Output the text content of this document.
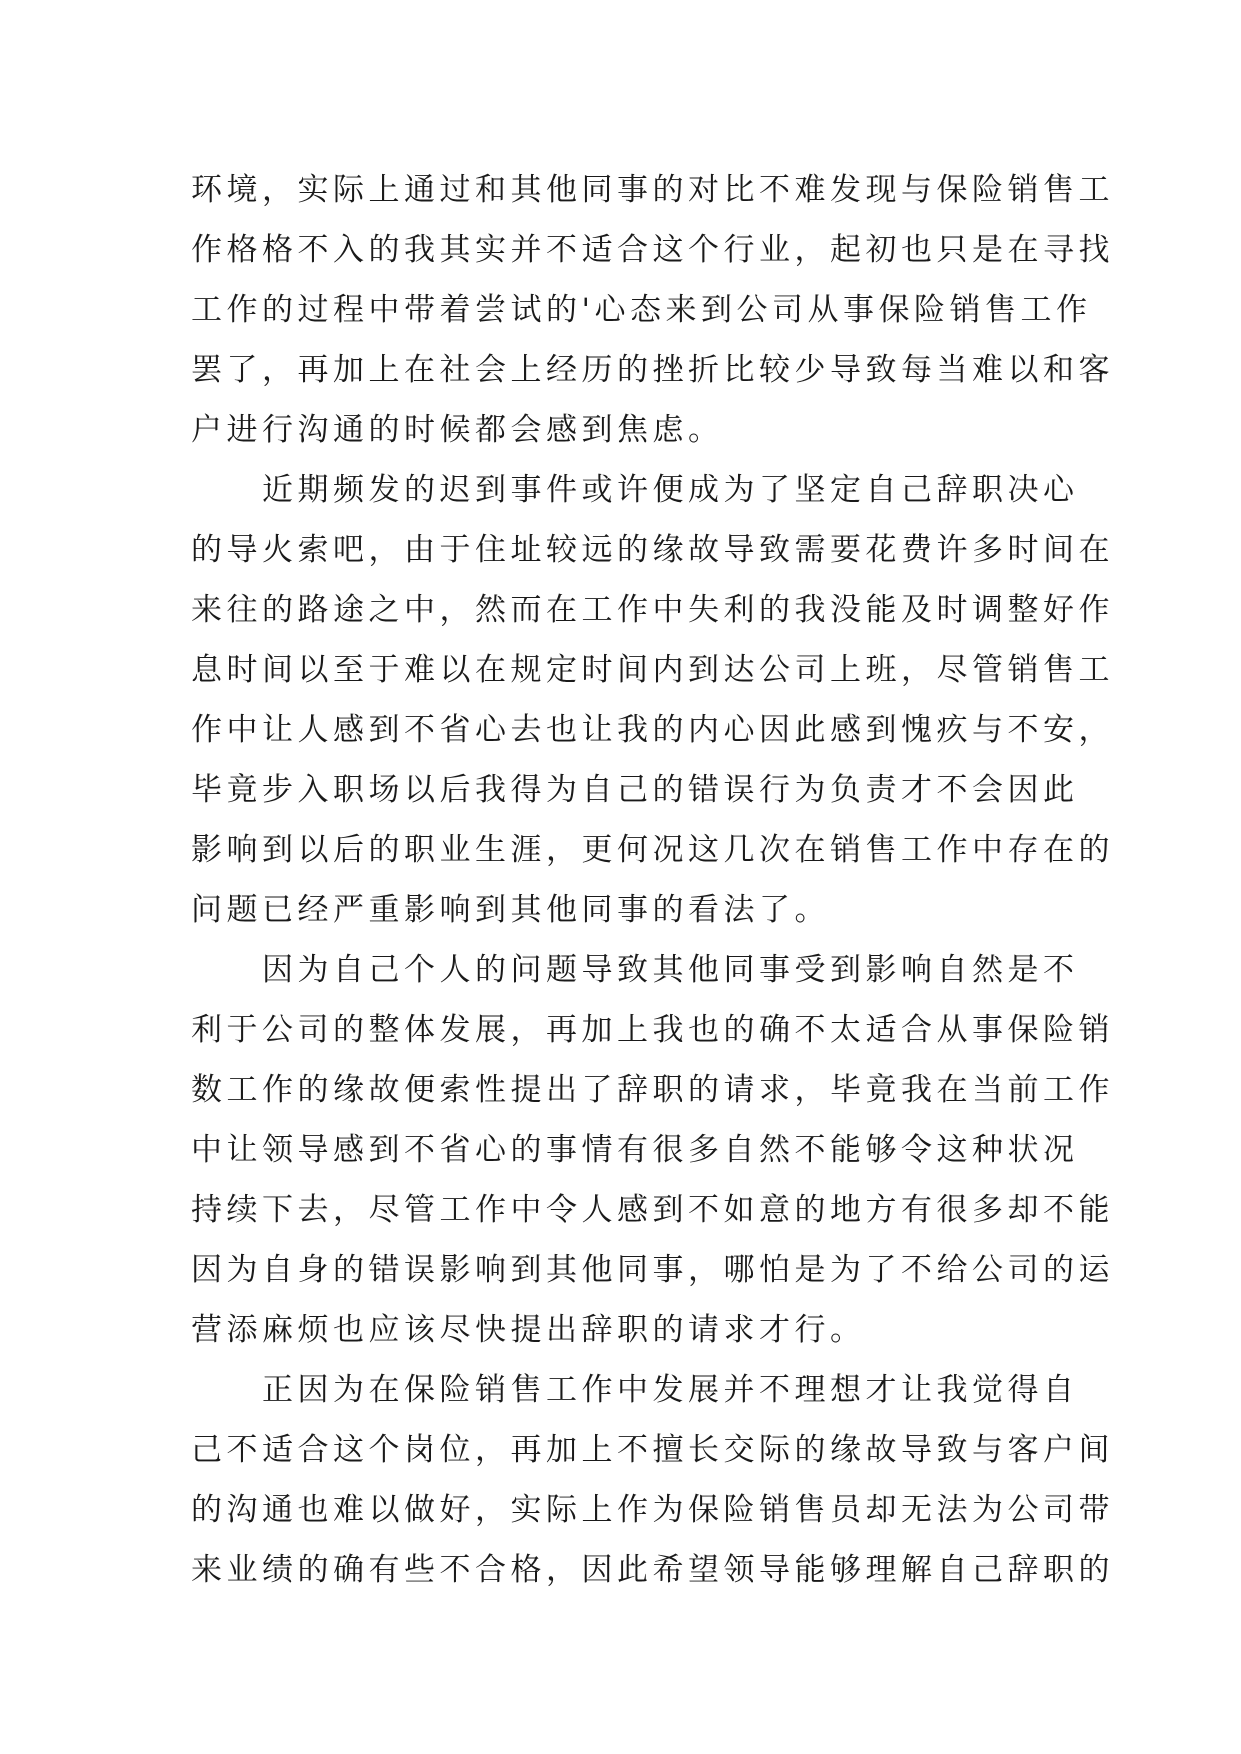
环境，实际上通过和其他同事的对比不难发现与保险销售工
作格格不入的我其实并不适合这个行业，起初也只是在寻找
工作的过程中带着尝试的'心态来到公司从事保险销售工作
罢了，再加上在社会上经历的挫折比较少导致每当难以和客
户进行沟通的时候都会感到焦虑。
　　近期频发的迟到事件或许便成为了坚定自己辞职决心
的导火索吧，由于住址较远的缘故导致需要花费许多时间在
来往的路途之中，然而在工作中失利的我没能及时调整好作
息时间以至于难以在规定时间内到达公司上班，尽管销售工
作中让人感到不省心去也让我的内心因此感到愧疚与不安，
毕竟步入职场以后我得为自己的错误行为负责才不会因此
影响到以后的职业生涯，更何况这几次在销售工作中存在的
问题已经严重影响到其他同事的看法了。
　　因为自己个人的问题导致其他同事受到影响自然是不
利于公司的整体发展，再加上我也的确不太适合从事保险销
数工作的缘故便索性提出了辞职的请求，毕竟我在当前工作
中让领导感到不省心的事情有很多自然不能够令这种状况
持续下去，尽管工作中令人感到不如意的地方有很多却不能
因为自身的错误影响到其他同事，哪怕是为了不给公司的运
营添麻烦也应该尽快提出辞职的请求才行。
　　正因为在保险销售工作中发展并不理想才让我觉得自
己不适合这个岗位，再加上不擅长交际的缘故导致与客户间
的沟通也难以做好，实际上作为保险销售员却无法为公司带
来业绩的确有些不合格，因此希望领导能够理解自己辞职的
